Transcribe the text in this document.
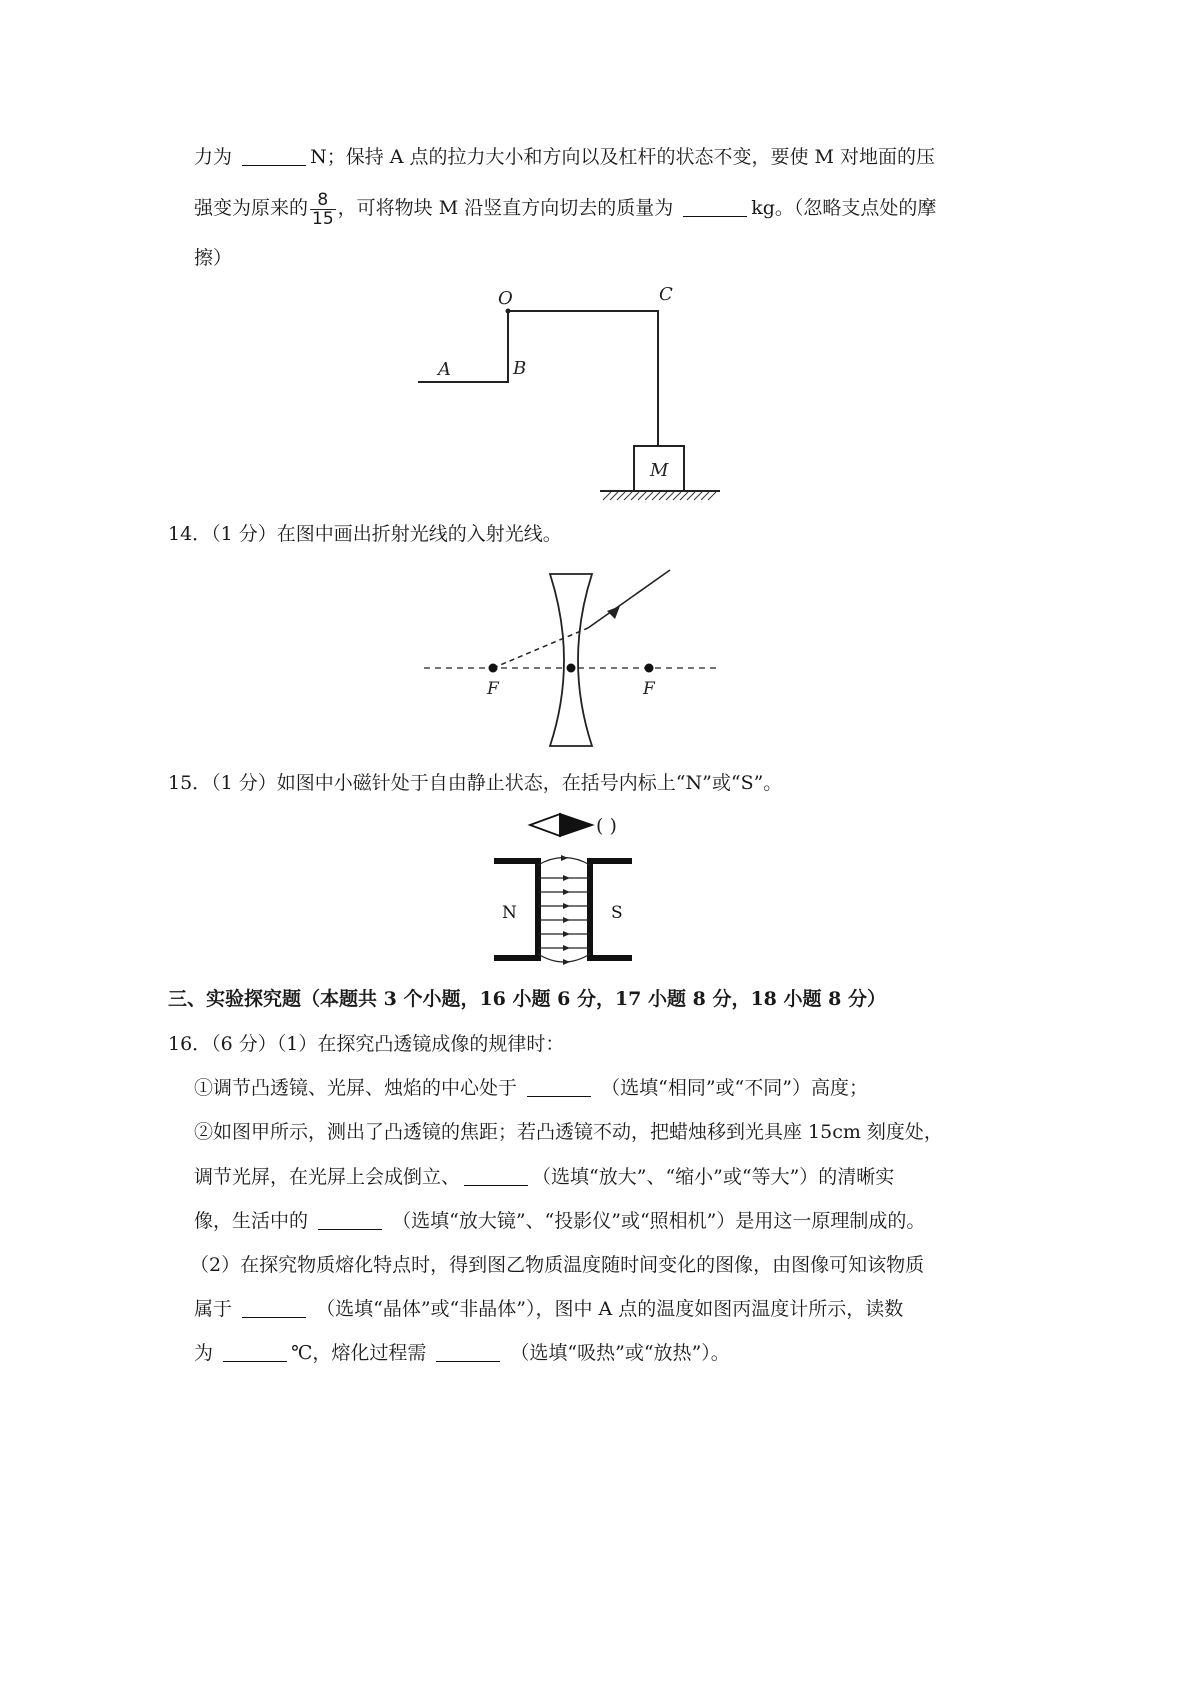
力为	N；保持 A 点的拉力大小和方向以及杠杆的状态不变，要使 M 对地面的压
强变为原来的 $\frac{8}{15}$ ，可将物块 M 沿竖直方向切去的质量为	kg。（忽略支点处的摩
擦）
O	C
A	B
M
14．（1 分）在图中画出折射光线的入射光线。
F	F
15．（1 分）如图中小磁针处于自由静止状态，在括号内标上“N”或“S”。
( )
N	S
三、实验探究题（本题共 3 个小题，16 小题 6 分，17 小题 8 分，18 小题 8 分）
16．（6 分）（1）在探究凸透镜成像的规律时：
①调节凸透镜、光屏、烛焰的中心处于	（选填“相同”或“不同”）高度；
②如图甲所示，测出了凸透镜的焦距；若凸透镜不动，把蜡烛移到光具座 15cm 刻度处，
调节光屏，在光屏上会成倒立、	（选填“放大”、“缩小”或“等大”）的清晰实
像，生活中的	（选填“放大镜”、“投影仪”或“照相机”）是用这一原理制成的。
（2）在探究物质熔化特点时，得到图乙物质温度随时间变化的图像，由图像可知该物质
属于	（选填“晶体”或“非晶体”），图中 A 点的温度如图丙温度计所示，读数
为	℃，熔化过程需	（选填“吸热”或“放热”）。
